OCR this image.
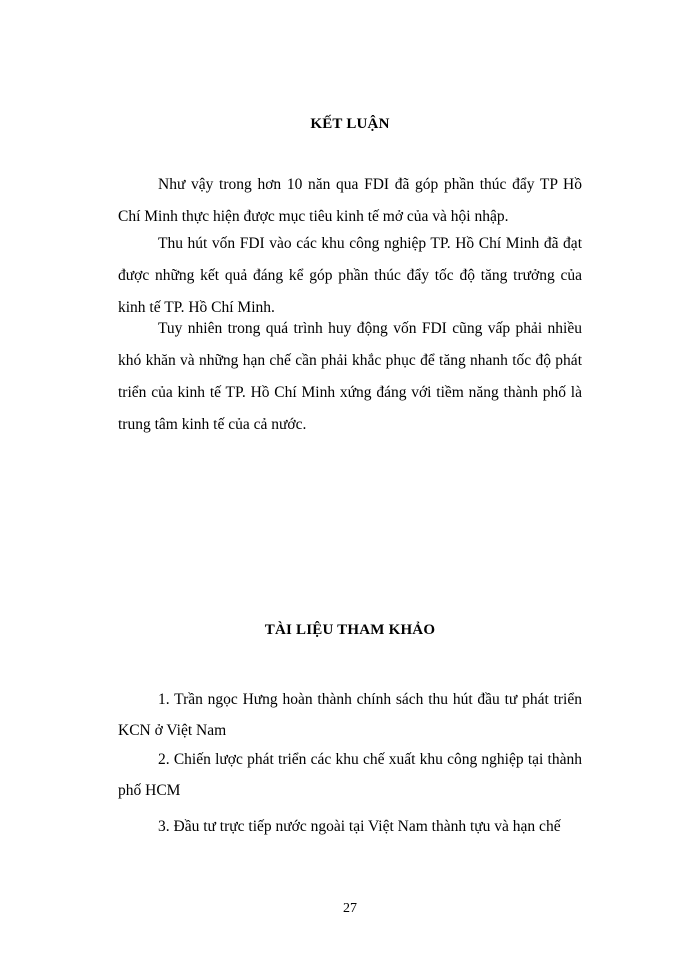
KẾT LUẬN
Như vậy trong hơn 10 năn qua FDI đã góp phần thúc đẩy TP Hồ Chí Minh thực hiện được mục tiêu kinh tế mở của và hội nhập.
Thu hút vốn FDI vào các khu công nghiệp TP. Hồ Chí Minh đã đạt được những kết quả đáng kể góp phần thúc đẩy tốc độ tăng trưởng của kinh tế TP. Hồ Chí Minh.
Tuy nhiên trong quá trình huy động vốn FDI cũng vấp phải nhiều khó khăn và những hạn chế cần phải khắc phục để tăng nhanh tốc độ phát triển của kinh tế TP. Hồ Chí Minh xứng đáng với tiềm năng thành phố là trung tâm kinh tế của cả nước.
TÀI LIỆU THAM KHẢO
1. Trần ngọc Hưng hoàn thành chính sách thu hút đầu tư phát triển KCN ở Việt Nam
2. Chiến lược phát triển các khu chế xuất khu công nghiệp tại thành phố HCM
3. Đầu tư trực tiếp nước ngoài tại Việt Nam thành tựu và hạn chế
27
